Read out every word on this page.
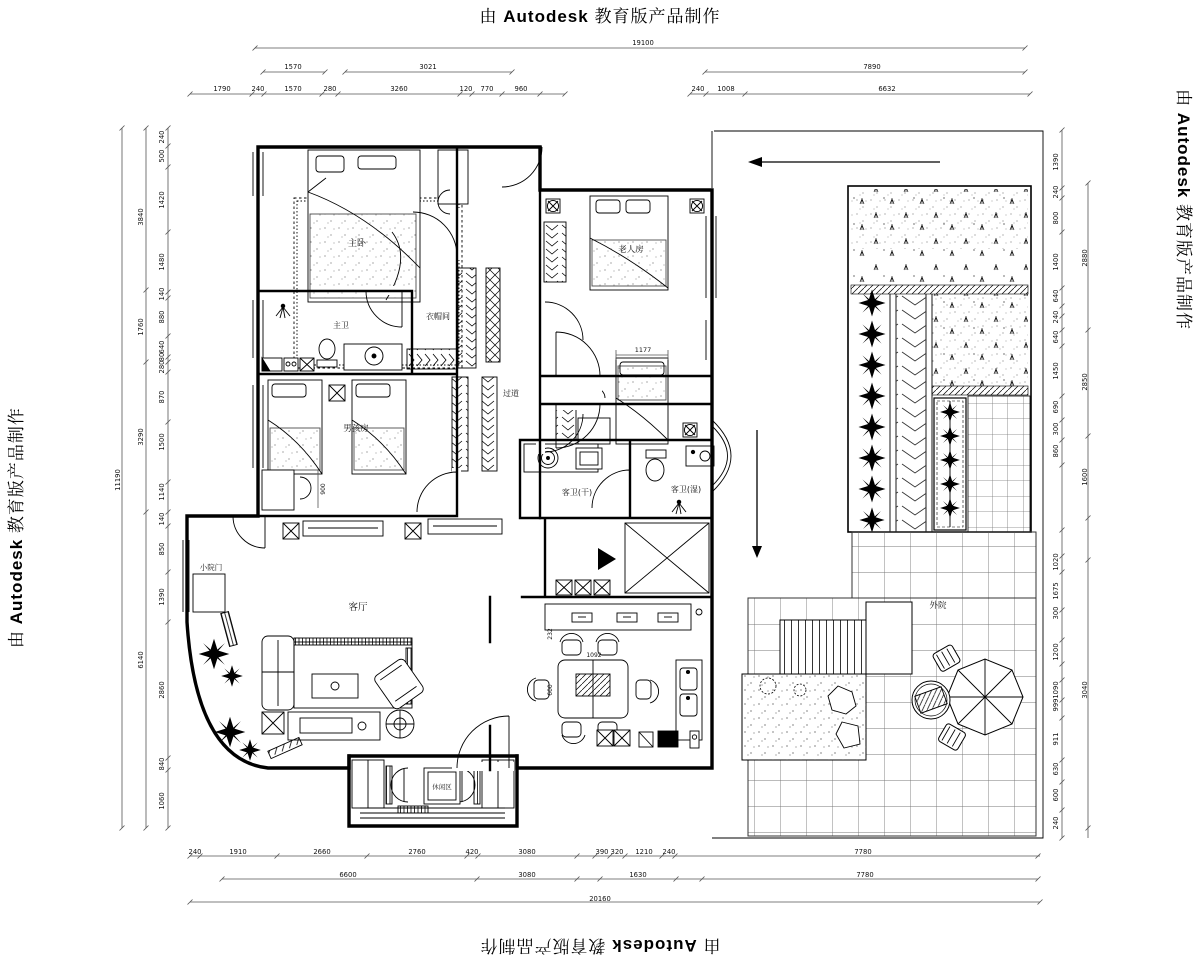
由 Autodesk 教育版产品制作
由 Autodesk 教育版产品制作
由 Autodesk 教育版产品制作
由 Autodesk 教育版产品制作
主卧
主卫
衣帽间
男孩房
过道
老人房
客卫(干)	客卫(湿)
客厅
小院门
休闲区
外院
19100
1570	3021	7890
1790	240	1570	280	3260	120 770	960	240 1008	6632
240	1910	2660	2760	420	3080	390 320 1210 240	7780
6600	3080	1630	7780
20160
240
500
1420
1480
140
880
640
80
280
870
1500
1140
140
850
1390
2860
840
1060
3840
1760
3290
6140
11190
1390
240
800
1400
640
240
640
1450
690
300
860
1020
1675
300
1200
1090
999
911
630
600
240
2880
2850
1600
3040
1177
1092
600
232
900
